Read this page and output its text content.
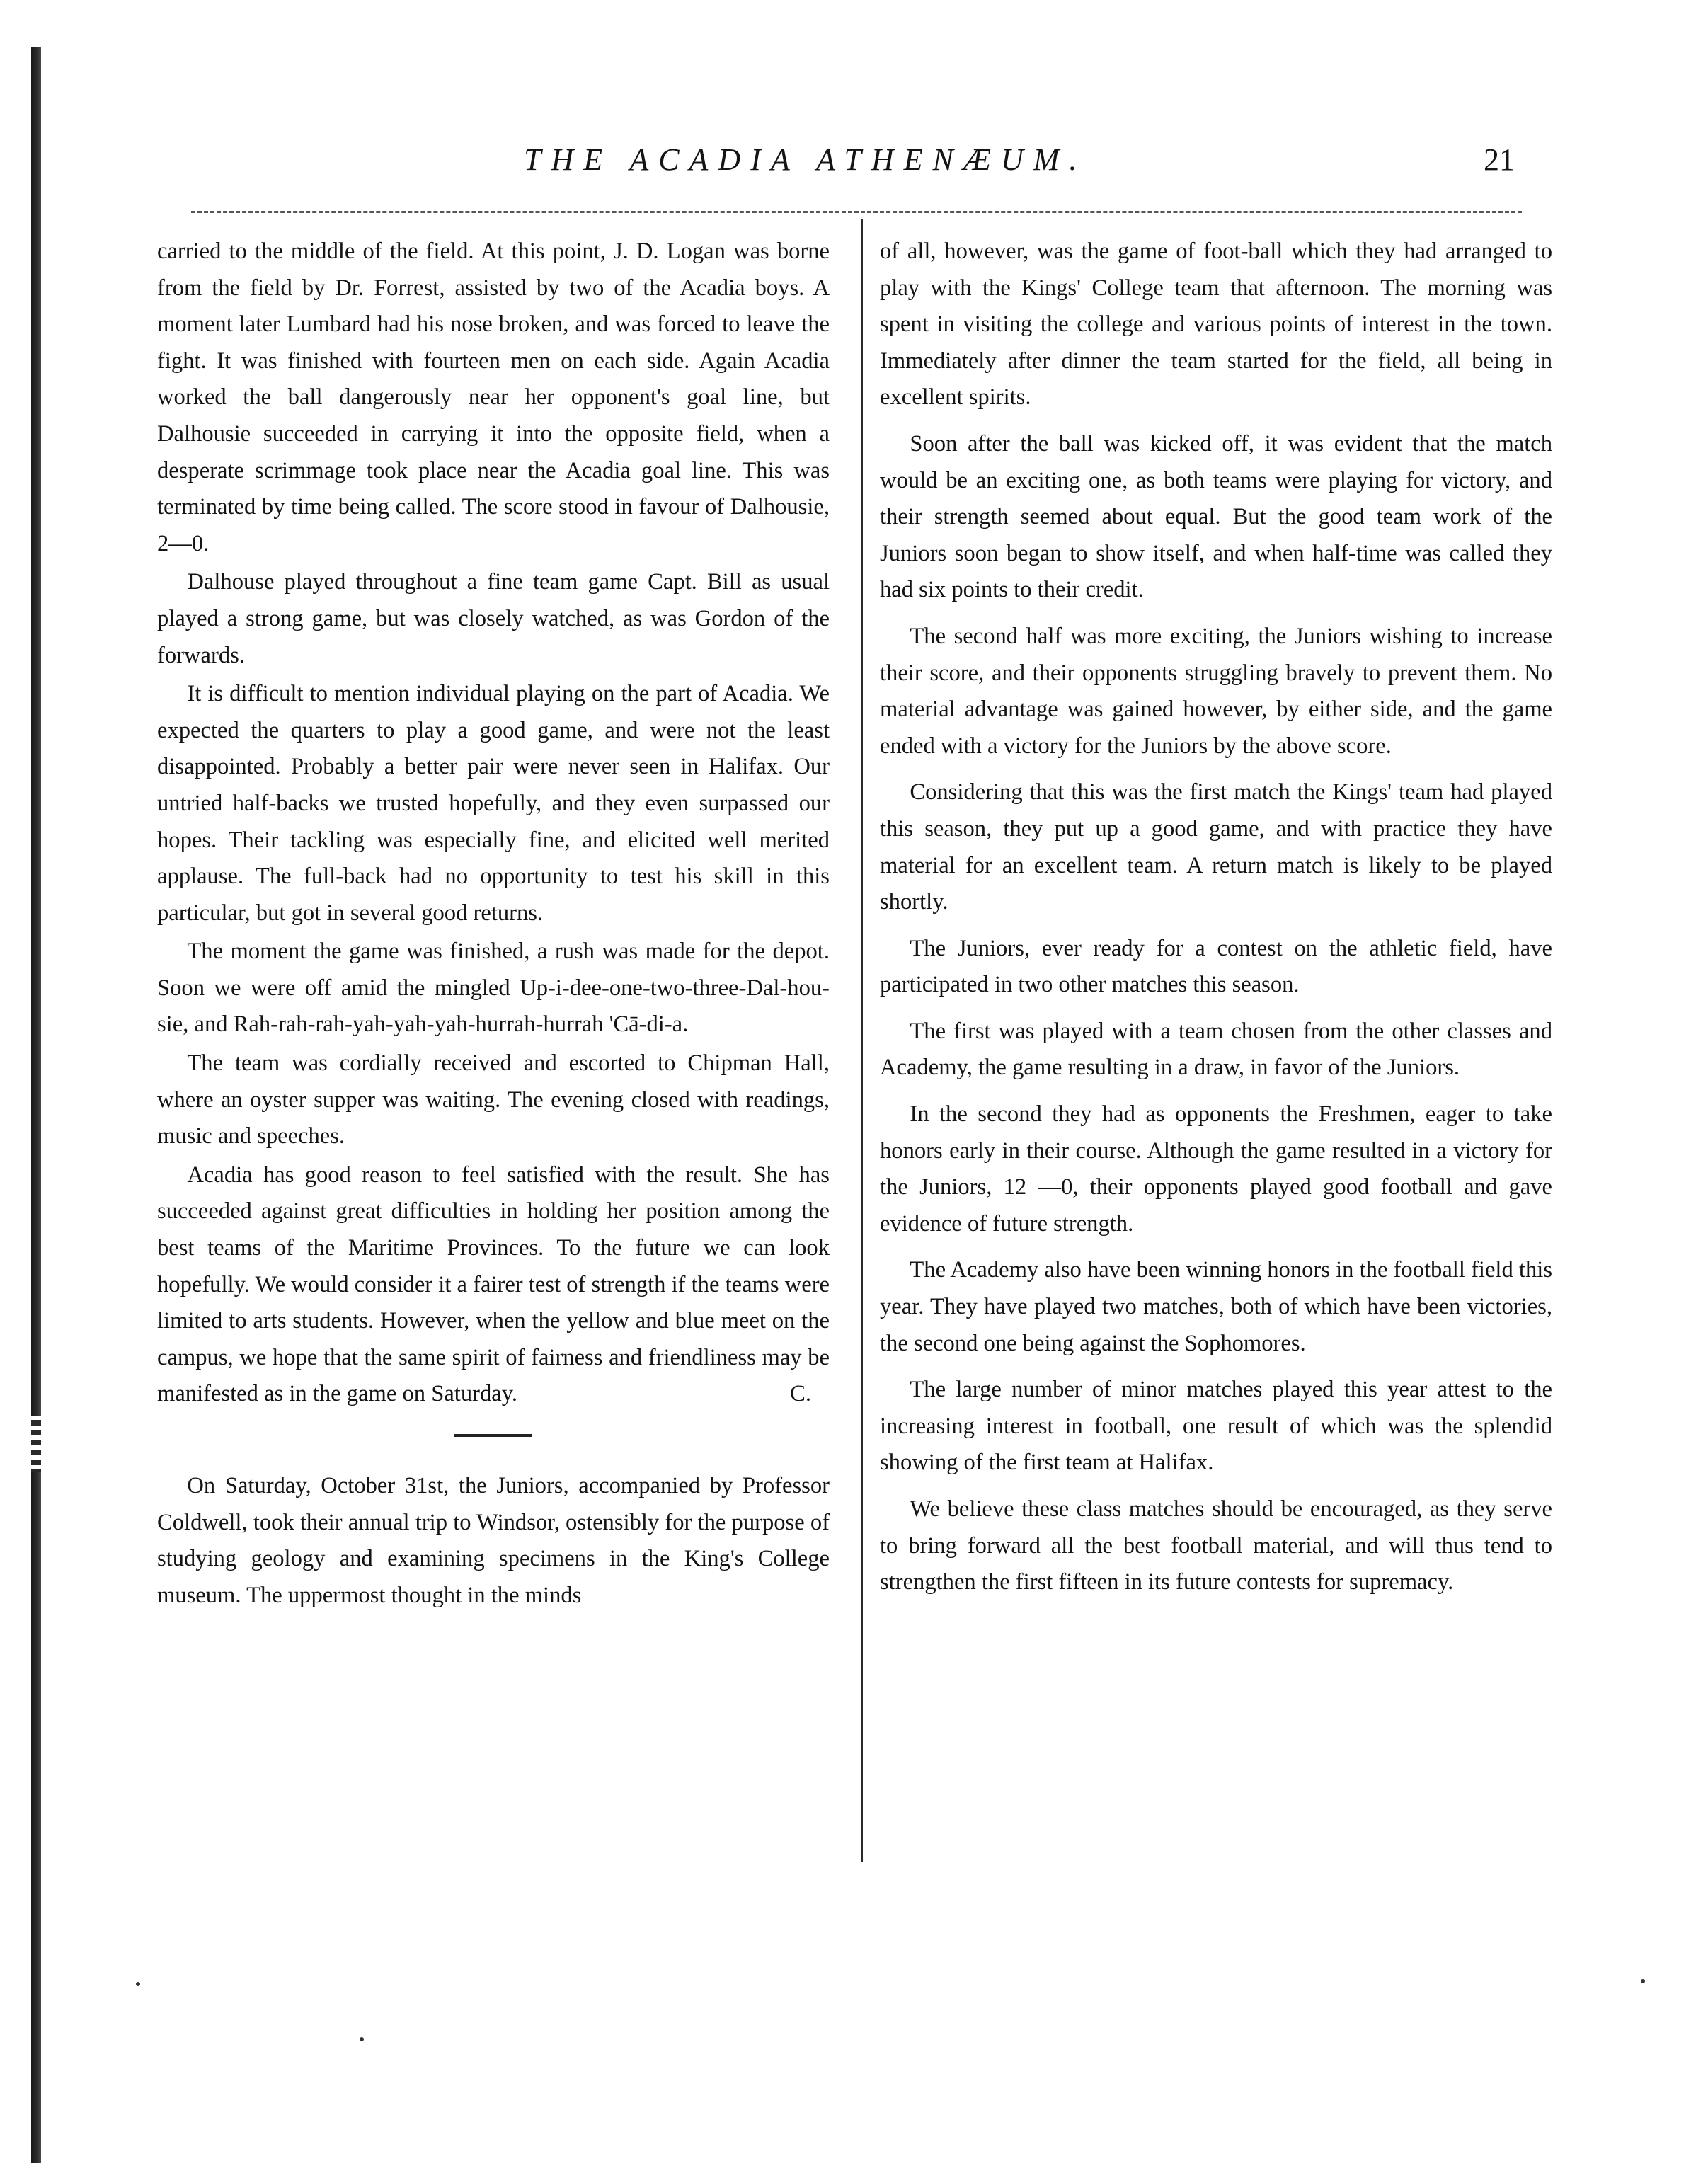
THE ACADIA ATHENÆUM.	21

carried to the middle of the field. At this point, J. D. Logan was borne from the field by Dr. Forrest, assisted by two of the Acadia boys. A moment later Lumbard had his nose broken, and was forced to leave the fight. It was finished with fourteen men on each side. Again Acadia worked the ball dangerously near her opponent's goal line, but Dalhousie succeeded in carrying it into the opposite field, when a desperate scrimmage took place near the Acadia goal line. This was terminated by time being called. The score stood in favour of Dalhousie, 2—0.

Dalhouse played throughout a fine team game Capt. Bill as usual played a strong game, but was closely watched, as was Gordon of the forwards.

It is difficult to mention individual playing on the part of Acadia. We expected the quarters to play a good game, and were not the least disappointed. Probably a better pair were never seen in Halifax. Our untried half-backs we trusted hopefully, and they even surpassed our hopes. Their tackling was especially fine, and elicited well merited applause. The full-back had no opportunity to test his skill in this particular, but got in several good returns.

The moment the game was finished, a rush was made for the depot. Soon we were off amid the mingled Up-i-dee-one-two-three-Dal-hou-sie, and Rah-rah-rah-yah-yah-yah-hurrah-hurrah 'Cā-di-a.

The team was cordially received and escorted to Chipman Hall, where an oyster supper was waiting. The evening closed with readings, music and speeches.

Acadia has good reason to feel satisfied with the result. She has succeeded against great difficulties in holding her position among the best teams of the Maritime Provinces. To the future we can look hopefully. We would consider it a fairer test of strength if the teams were limited to arts students. However, when the yellow and blue meet on the campus, we hope that the same spirit of fairness and friendliness may be manifested as in the game on Saturday.	C.

On Saturday, October 31st, the Juniors, accompanied by Professor Coldwell, took their annual trip to Windsor, ostensibly for the purpose of studying geology and examining specimens in the King's College museum. The uppermost thought in the minds

of all, however, was the game of foot-ball which they had arranged to play with the Kings' College team that afternoon. The morning was spent in visiting the college and various points of interest in the town. Immediately after dinner the team started for the field, all being in excellent spirits.

Soon after the ball was kicked off, it was evident that the match would be an exciting one, as both teams were playing for victory, and their strength seemed about equal. But the good team work of the Juniors soon began to show itself, and when half-time was called they had six points to their credit.

The second half was more exciting, the Juniors wishing to increase their score, and their opponents struggling bravely to prevent them. No material advantage was gained however, by either side, and the game ended with a victory for the Juniors by the above score.

Considering that this was the first match the Kings' team had played this season, they put up a good game, and with practice they have material for an excellent team. A return match is likely to be played shortly.

The Juniors, ever ready for a contest on the athletic field, have participated in two other matches this season.

The first was played with a team chosen from the other classes and Academy, the game resulting in a draw, in favor of the Juniors.

In the second they had as opponents the Freshmen, eager to take honors early in their course. Although the game resulted in a victory for the Juniors, 12 —0, their opponents played good football and gave evidence of future strength.

The Academy also have been winning honors in the football field this year. They have played two matches, both of which have been victories, the second one being against the Sophomores.

The large number of minor matches played this year attest to the increasing interest in football, one result of which was the splendid showing of the first team at Halifax.

We believe these class matches should be encouraged, as they serve to bring forward all the best football material, and will thus tend to strengthen the first fifteen in its future contests for supremacy.
